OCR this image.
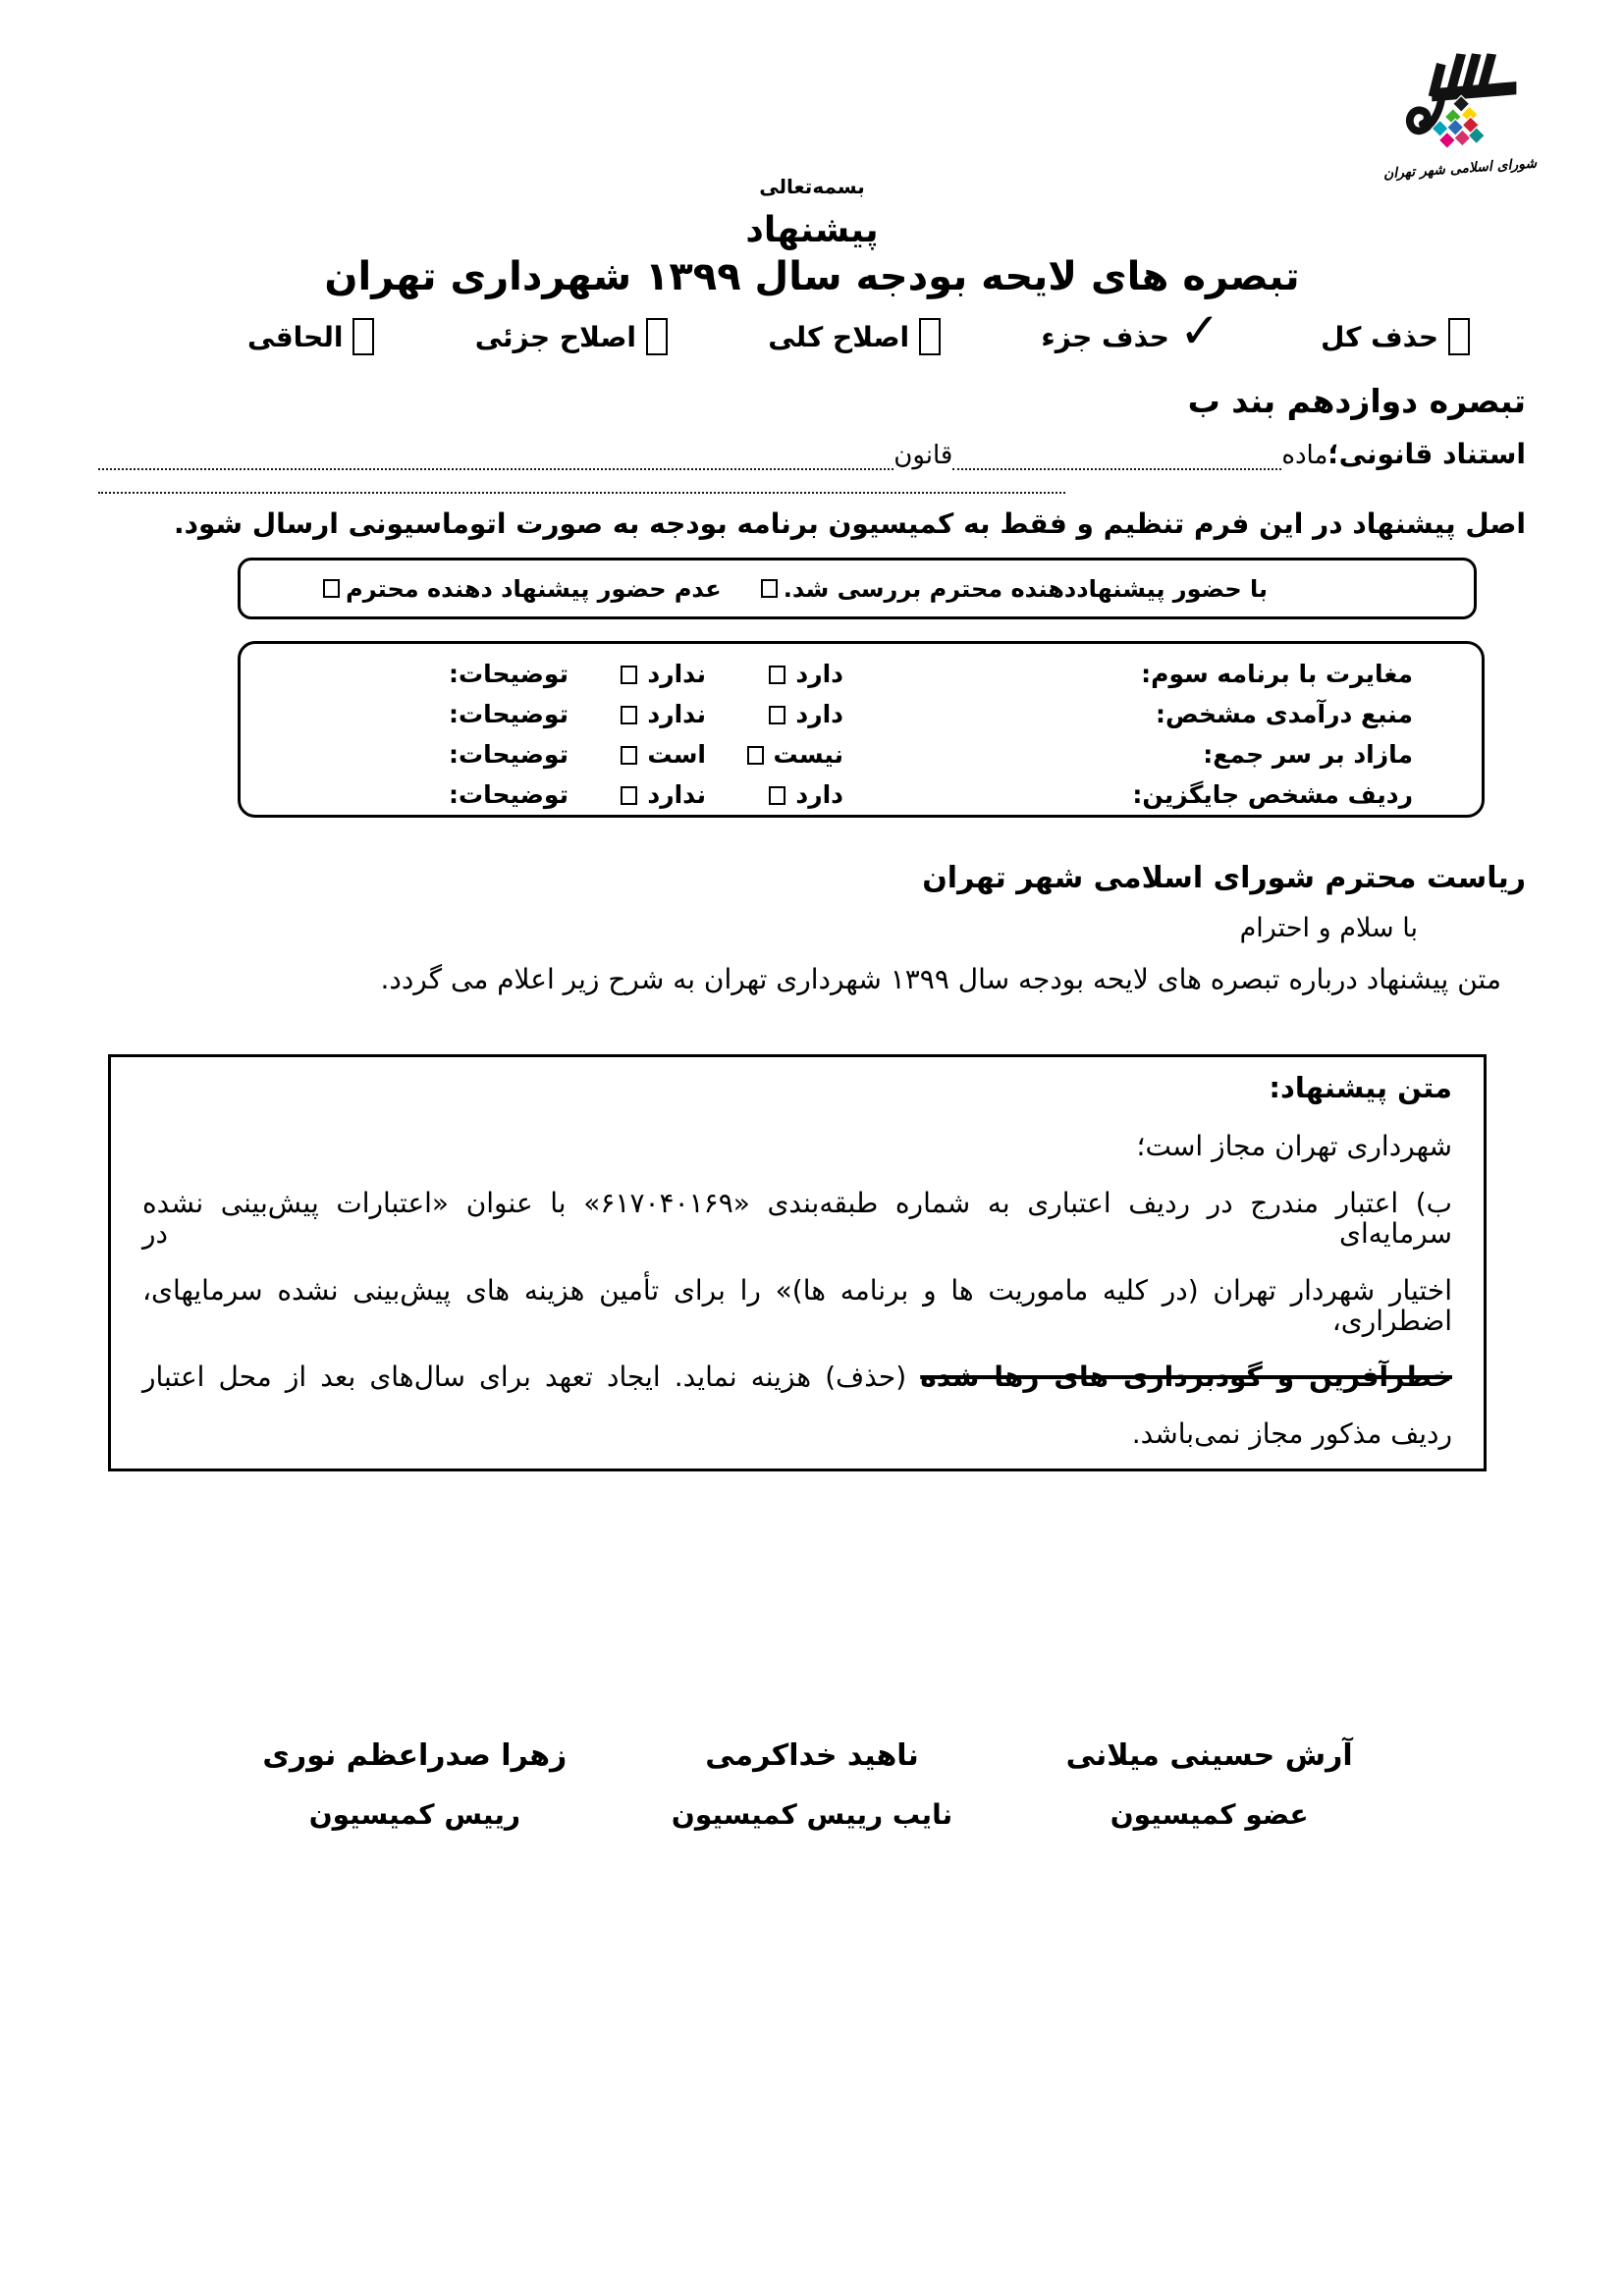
شورای اسلامی شهر تهران
بسمه‌تعالی
پیشنهاد
تبصره های لایحه بودجه سال ۱۳۹۹ شهرداری تهران
حذف کل
✓
حذف جزء
اصلاح کلی
اصلاح جزئی
الحاقی
تبصره دوازدهم بند ب
استناد قانونی؛
ماده
قانون
اصل پیشنهاد در این فرم تنظیم و فقط به کمیسیون برنامه بودجه به صورت اتوماسیونی ارسال شود.
با حضور پیشنهاددهنده محترم بررسی شد.
عدم حضور پیشنهاد دهنده محترم
مغایرت با برنامه سوم:
دارد
ندارد
توضیحات:
منبع درآمدی مشخص:
دارد
ندارد
توضیحات:
مازاد بر سر جمع:
نیست
است
توضیحات:
ردیف مشخص جایگزین:
دارد
ندارد
توضیحات:
ریاست محترم شورای اسلامی شهر تهران
با سلام و احترام
متن پیشنهاد درباره تبصره های لایحه بودجه سال ۱۳۹۹ شهرداری تهران به شرح زیر اعلام می گردد.
متن پیشنهاد:
شهرداری تهران مجاز است؛
ب) اعتبار مندرج در ردیف اعتباری به شماره طبقه‌بندی «۶۱۷۰۴۰۱۶۹» با عنوان «اعتبارات پیش‌بینی نشده سرمایه‌ای در
اختیار شهردار تهران (در کلیه ماموریت ها و برنامه ها)» را برای تأمین هزینه های پیش‌بینی نشده سرمایهای، اضطراری،
خطرآفرین و گودبرداری های رها شده (حذف) هزینه نماید. ایجاد تعهد برای سال‌های بعد از محل اعتبار
ردیف مذکور مجاز نمی‌باشد.
آرش حسینی میلانی
ناهید خداکرمی
زهرا صدراعظم نوری
عضو کمیسیون
نایب رییس کمیسیون
رییس کمیسیون
